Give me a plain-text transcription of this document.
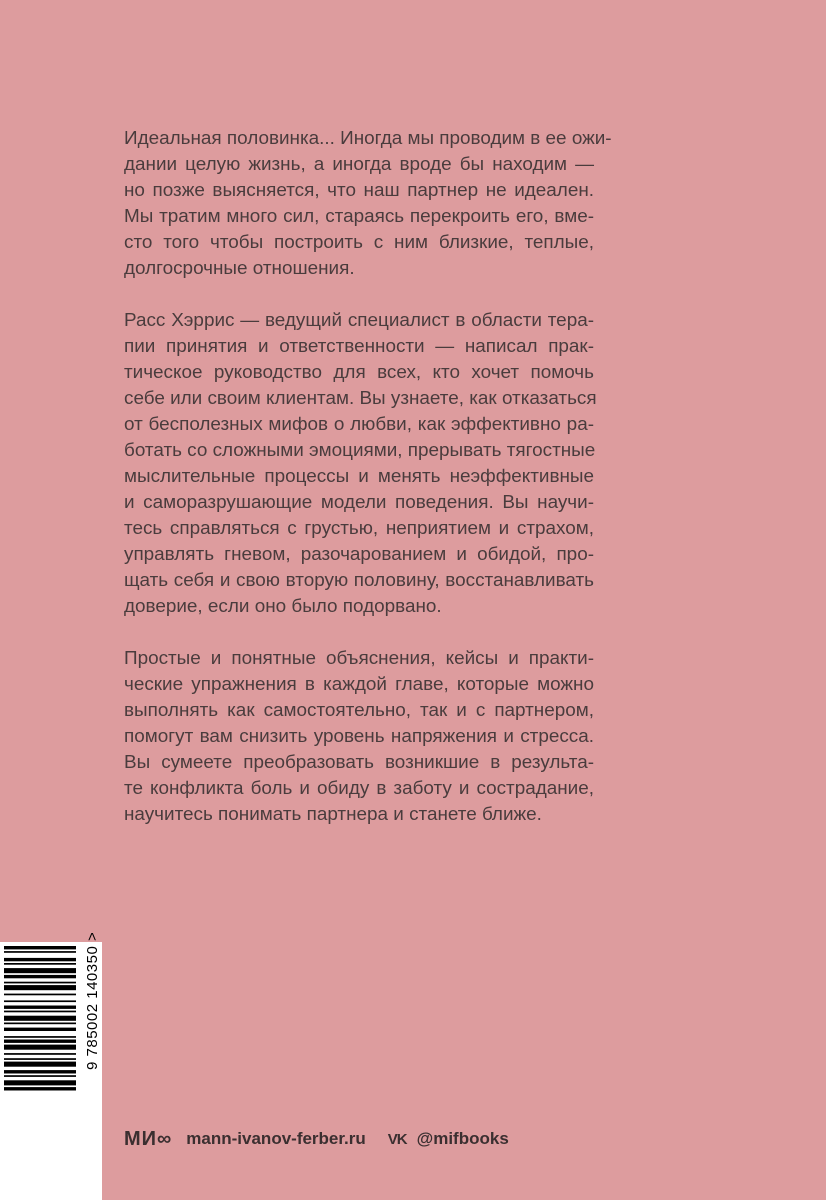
Идеальная половинка... Иногда мы проводим в ее ожи-
дании целую жизнь, а иногда вроде бы находим —
но позже выясняется, что наш партнер не идеален.
Мы тратим много сил, стараясь перекроить его, вме-
сто того чтобы построить с ним близкие, теплые,
долгосрочные отношения.

Расс Хэррис — ведущий специалист в области тера-
пии принятия и ответственности — написал прак-
тическое руководство для всех, кто хочет помочь
себе или своим клиентам. Вы узнаете, как отказаться
от бесполезных мифов о любви, как эффективно ра-
ботать со сложными эмоциями, прерывать тягостные
мыслительные процессы и менять неэффективные
и саморазрушающие модели поведения. Вы научи-
тесь справляться с грустью, неприятием и страхом,
управлять гневом, разочарованием и обидой, про-
щать себя и свою вторую половину, восстанавливать
доверие, если оно было подорвано.

Простые и понятные объяснения, кейсы и практи-
ческие упражнения в каждой главе, которые можно
выполнять как самостоятельно, так и с партнером,
помогут вам снизить уровень напряжения и стресса.
Вы сумеете преобразовать возникшие в результа-
те конфликта боль и обиду в заботу и сострадание,
научитесь понимать партнера и станете ближе.

9 785002 140350 >
МИ∞ mann-ivanov-ferber.ru VK @mifbooks
